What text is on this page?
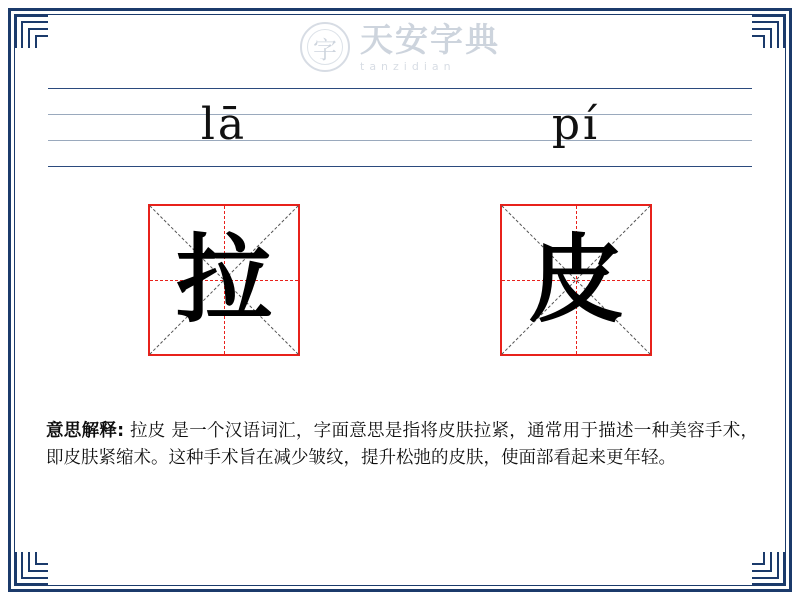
字 天安字典
tanzidian
lā	pí
拉	皮
意思解释: 拉皮 是一个汉语词汇，字面意思是指将皮肤拉紧，通常用于描述一种美容手术，即皮肤紧缩术。这种手术旨在减少皱纹，提升松弛的皮肤，使面部看起来更年轻。
